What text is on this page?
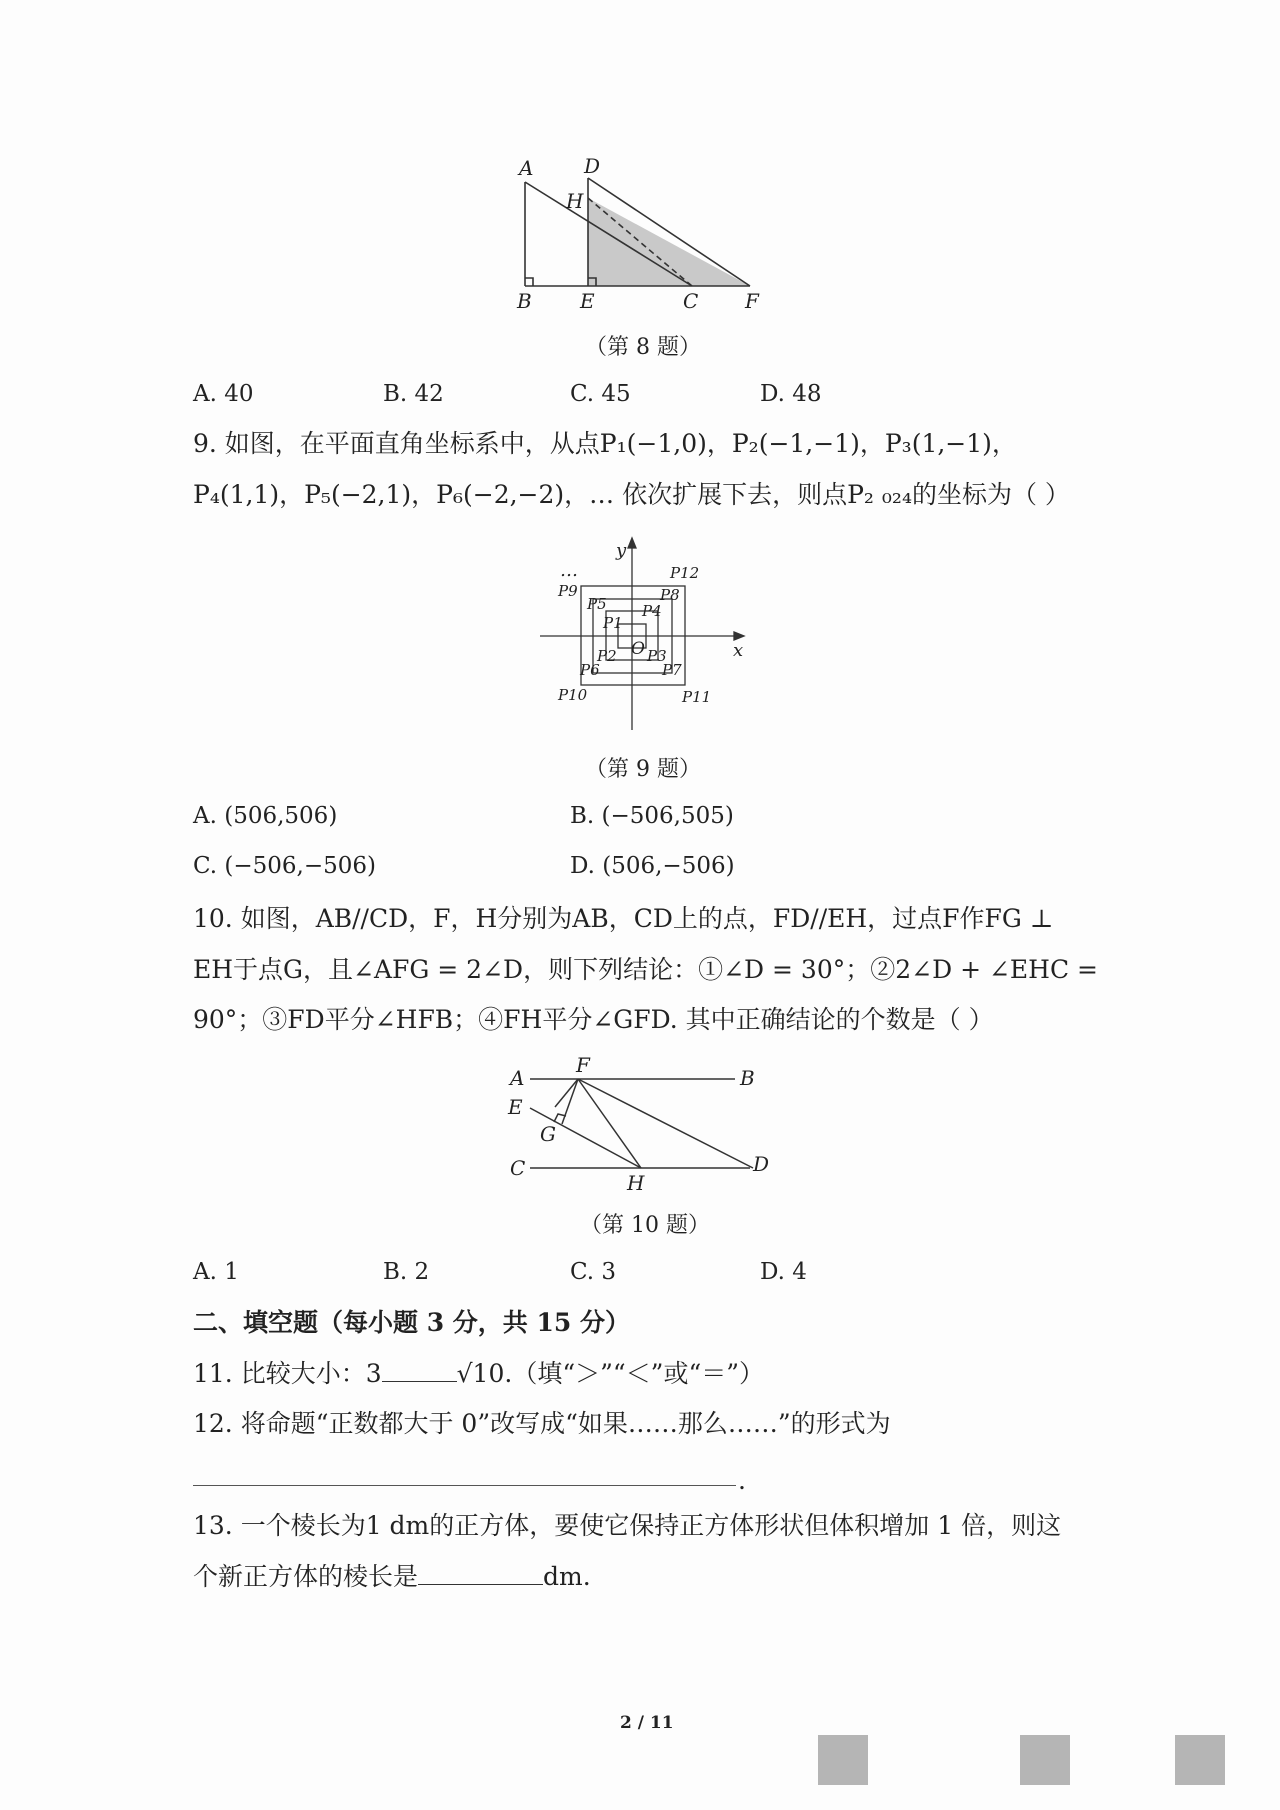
A	D
H
B E	C F
（第 8 题）
A. 40	B. 42	C. 45	D. 48
9. 如图，在平面直角坐标系中，从点P₁(−1,0)，P₂(−1,−1)，P₃(1,−1)，
P₄(1,1)，P₅(−2,1)，P₆(−2,−2)，… 依次扩展下去，则点P₂ ₀₂₄的坐标为（ ）
y
x
O
…
P1
P2 P3
P4
P5
P6	P7
P8
P9
P10	P11
P12
（第 9 题）
A. (506,506)	B. (−506,505)
C. (−506,−506)	D. (506,−506)
10. 如图，AB//CD，F，H分别为AB，CD上的点，FD//EH，过点F作FG ⊥
EH于点G，且∠AFG = 2∠D，则下列结论：①∠D = 30°；②2∠D + ∠EHC =
90°；③FD平分∠HFB；④FH平分∠GFD. 其中正确结论的个数是（ ）
A	B
F
E
G
C
H
D
（第 10 题）
A. 1	B. 2	C. 3	D. 4
二、填空题（每小题 3 分，共 15 分）
11. 比较大小：3	√10.（填“＞”“＜”或“＝”）
12. 将命题“正数都大于 0”改写成“如果……那么……”的形式为
.
13. 一个棱长为1 dm的正方体，要使它保持正方体形状但体积增加 1 倍，则这
个新正方体的棱长是	dm.
2 / 11
